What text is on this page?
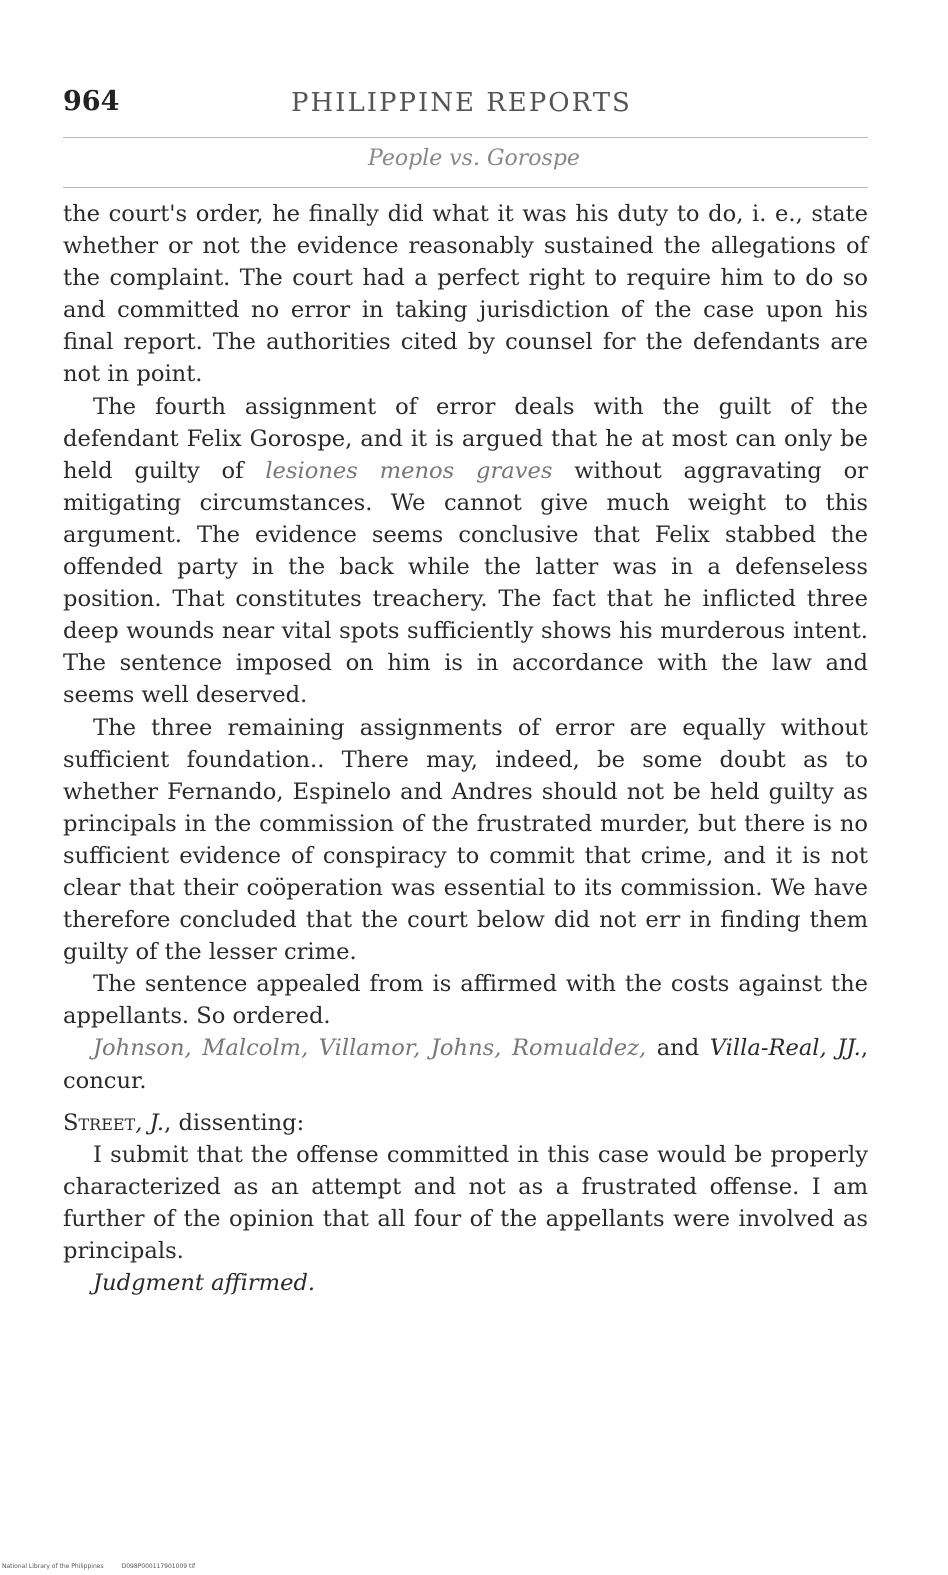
964	PHILIPPINE REPORTS
People vs. Gorospe

the court's order, he finally did what it was his duty to do, i. e., state whether or not the evidence reasonably sustained the allegations of the complaint. The court had a perfect right to require him to do so and committed no error in taking jurisdiction of the case upon his final report. The authorities cited by counsel for the defendants are not in point.

The fourth assignment of error deals with the guilt of the defendant Felix Gorospe, and it is argued that he at most can only be held guilty of lesiones menos graves without aggravating or mitigating circumstances. We cannot give much weight to this argument. The evidence seems conclusive that Felix stabbed the offended party in the back while the latter was in a defenseless position. That constitutes treachery. The fact that he inflicted three deep wounds near vital spots sufficiently shows his murderous intent. The sentence imposed on him is in accordance with the law and seems well deserved.

The three remaining assignments of error are equally without sufficient foundation.. There may, indeed, be some doubt as to whether Fernando, Espinelo and Andres should not be held guilty as principals in the commission of the frustrated murder, but there is no sufficient evidence of conspiracy to commit that crime, and it is not clear that their coöperation was essential to its commission. We have therefore concluded that the court below did not err in finding them guilty of the lesser crime.

The sentence appealed from is affirmed with the costs against the appellants. So ordered.

Johnson, Malcolm, Villamor, Johns, Romualdez, and Villa-Real, JJ., concur.

Street, J., dissenting:

I submit that the offense committed in this case would be properly characterized as an attempt and not as a frustrated offense. I am further of the opinion that all four of the appellants were involved as principals.

Judgment affirmed.

National Library of the Philippines	D098P000117901009 tif
